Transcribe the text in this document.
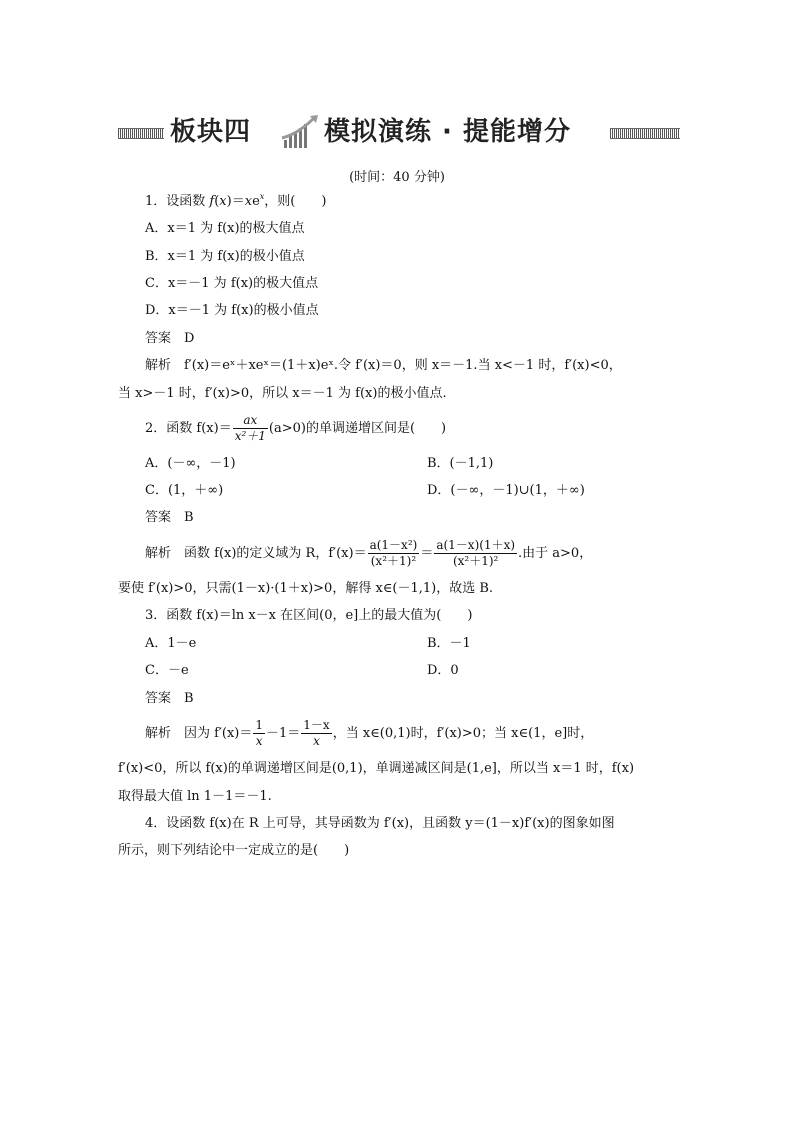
板块四	模拟演练 · 提能增分
(时间：40 分钟)
1．设函数 $f(x)=xe^x$，则(　　)
A．x＝1 为 f(x)的极大值点
B．x＝1 为 f(x)的极小值点
C．x＝－1 为 f(x)的极大值点
D．x＝－1 为 f(x)的极小值点
答案　D
解析　f′(x)＝eˣ＋xeˣ＝(1＋x)eˣ.令 f′(x)＝0，则 x＝－1.当 x<－1 时，f′(x)<0，
当 x>－1 时，f′(x)>0，所以 x＝－1 为 f(x)的极小值点.
2．函数 $f(x)= \frac{ax}{\text{x²＋1}} (a>0)$的单调递增区间是(　　)
A．(－∞，－1)	B．(－1,1)
C．(1，＋∞)	D．(－∞，－1)∪(1，＋∞)
答案　B
解析　函数 f(x)的定义域为 R，$f'(x)= \frac{\text{a(1－x²)}}{\text{(x²＋1)²}} = \frac{a(1-x)(1+x)}{\text{(x²＋1)²}}$ .由于 a>0，
要使 f′(x)>0，只需(1－x)·(1＋x)>0，解得 x∈(－1,1)，故选 B.
3．函数 f(x)＝ln x－x 在区间(0，e]上的最大值为(　　)
A．1－e	B．－1
C．－e	D．0
答案　B
解析　因为 $f'(x)= \frac{1}{x} -1= \frac{1-x}{x}$ ，当 x∈(0,1)时，f′(x)>0；当 x∈(1，e]时，
f′(x)<0，所以 f(x)的单调递增区间是(0,1)，单调递减区间是(1,e]，所以当 x＝1 时，f(x)
取得最大值 ln 1－1＝－1.
4．设函数 f(x)在 R 上可导，其导函数为 f′(x)，且函数 y＝(1－x)f′(x)的图象如图
所示，则下列结论中一定成立的是(　　)
